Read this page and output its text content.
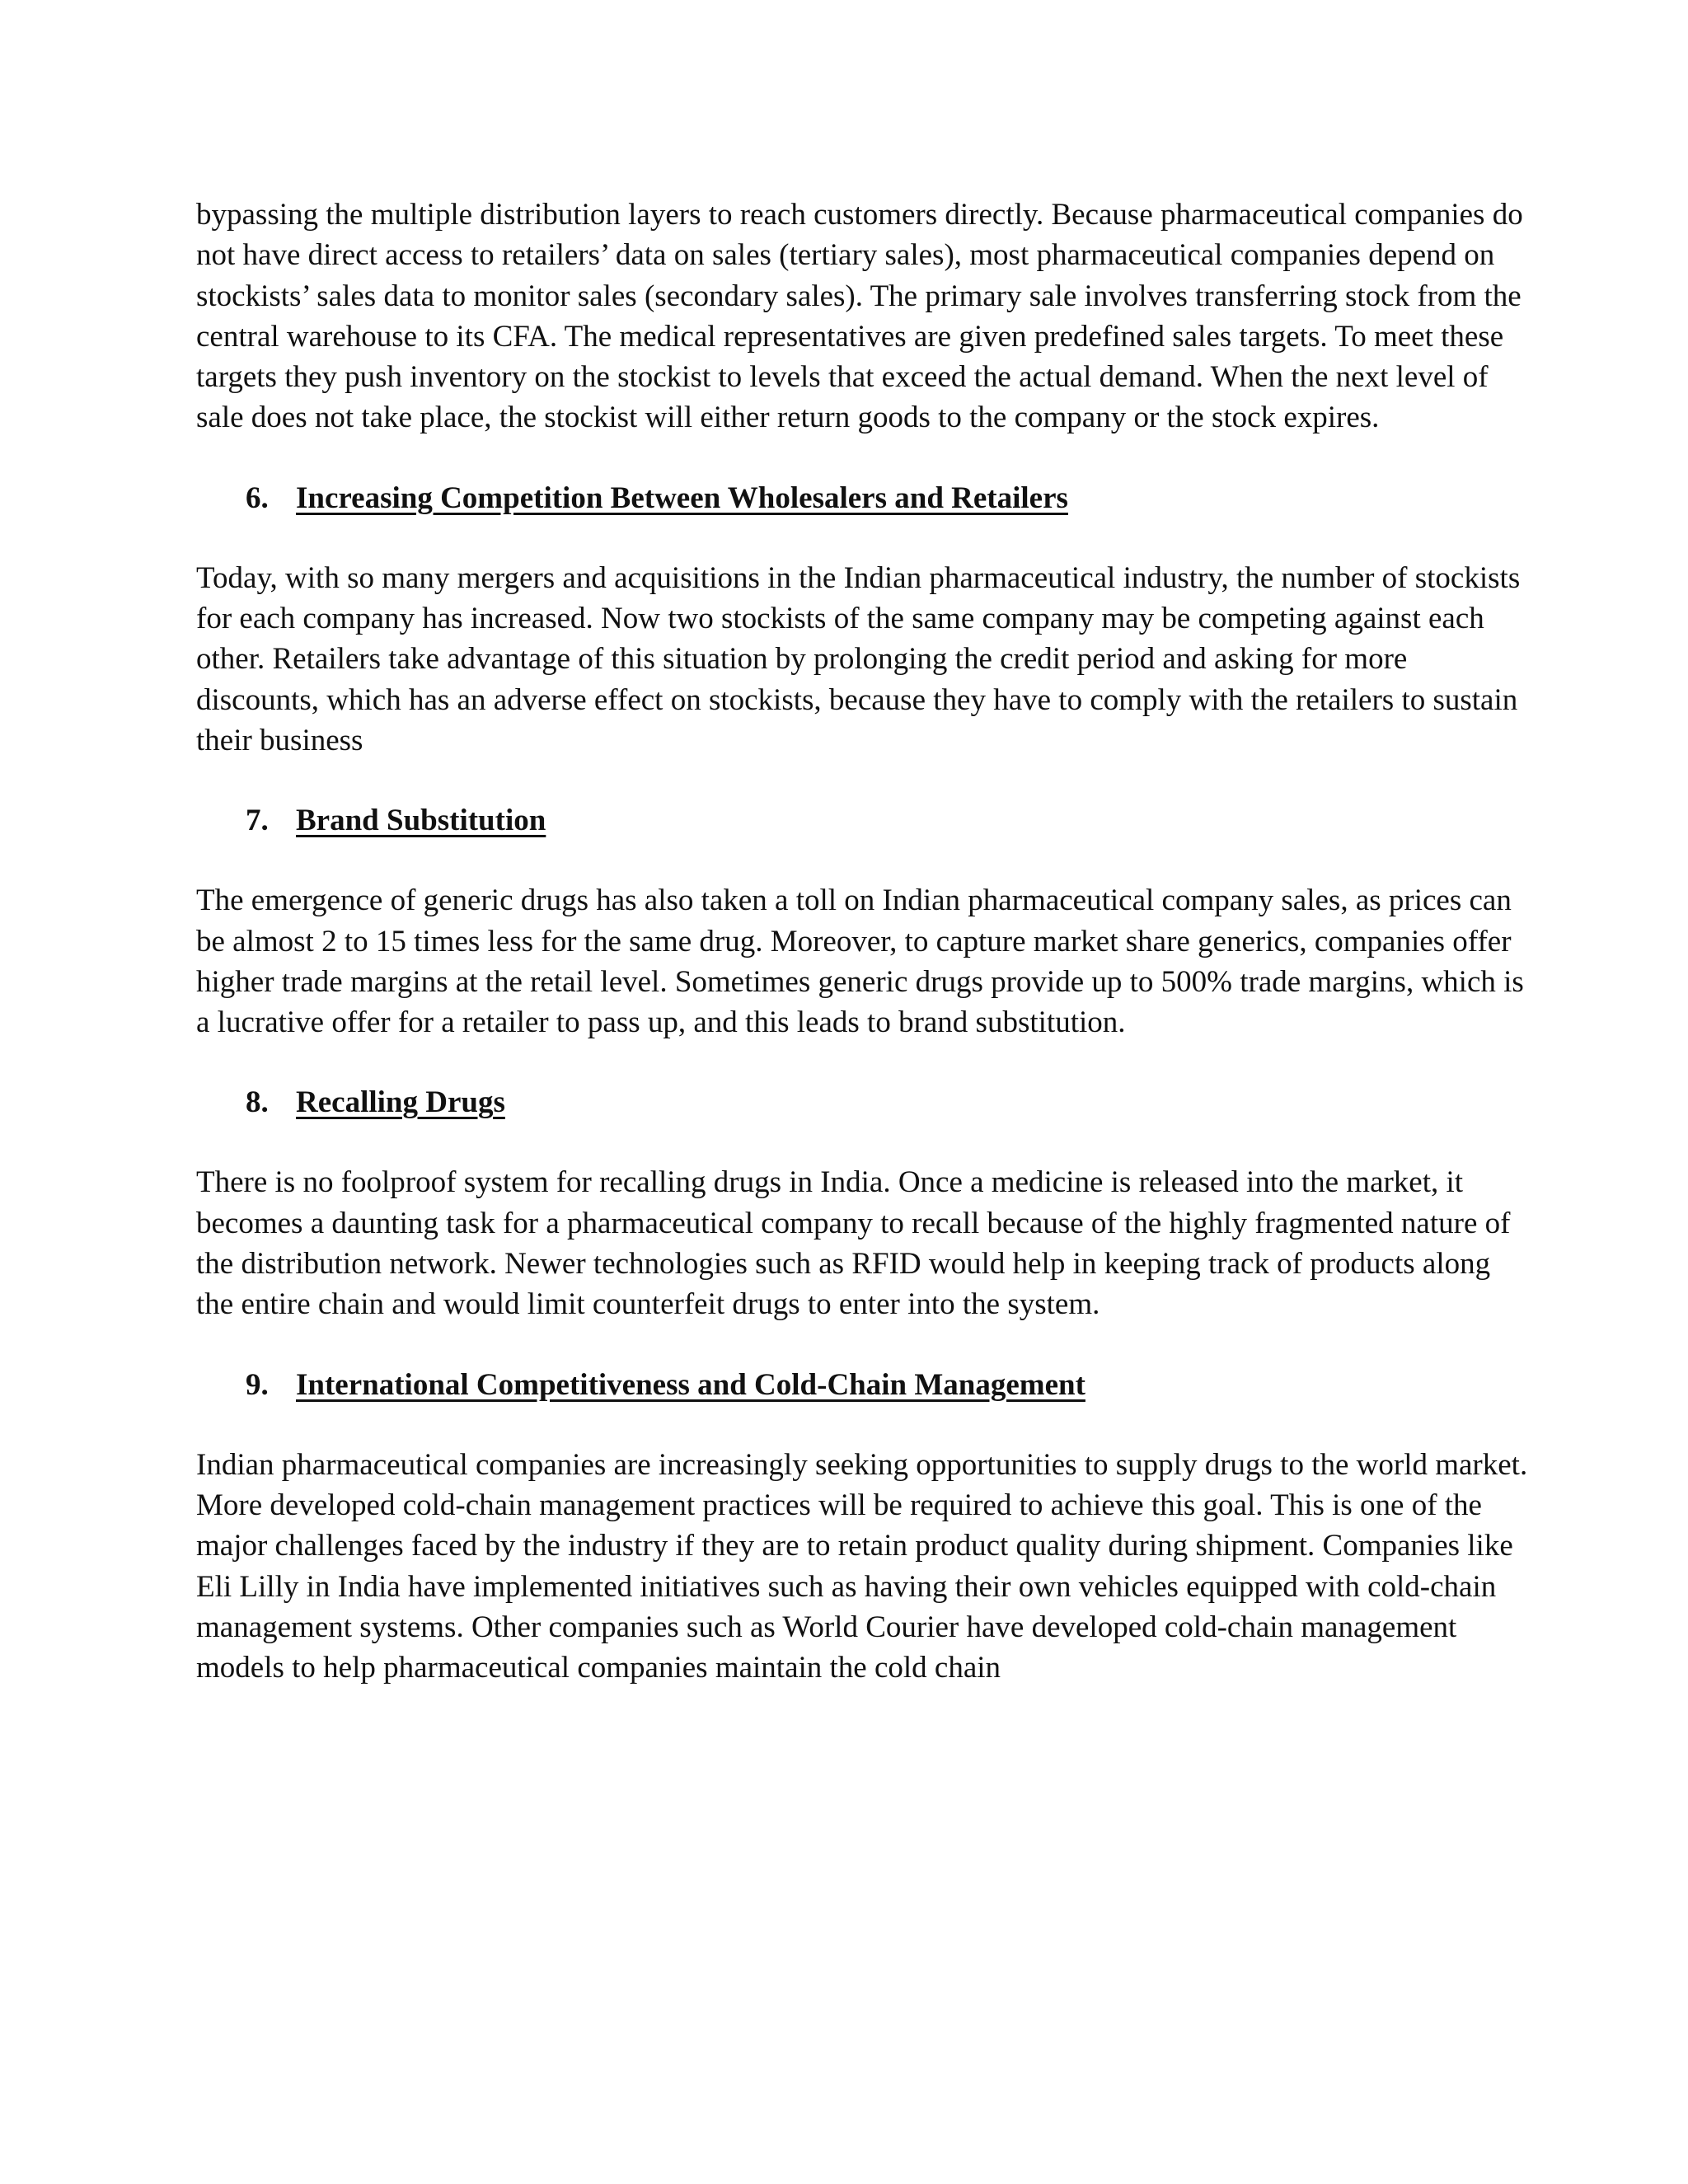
bypassing the multiple distribution layers to reach customers directly. Because pharmaceutical companies do not have direct access to retailers’ data on sales (tertiary sales), most pharmaceutical companies depend on stockists’ sales data to monitor sales (secondary sales). The primary sale involves transferring stock from the central warehouse to its CFA. The medical representatives are given predefined sales targets. To meet these targets they push inventory on the stockist to levels that exceed the actual demand. When the next level of sale does not take place, the stockist will either return goods to the company or the stock expires.

6. Increasing Competition Between Wholesalers and Retailers

Today, with so many mergers and acquisitions in the Indian pharmaceutical industry, the number of stockists for each company has increased. Now two stockists of the same company may be competing against each other. Retailers take advantage of this situation by prolonging the credit period and asking for more discounts, which has an adverse effect on stockists, because they have to comply with the retailers to sustain their business

7. Brand Substitution

The emergence of generic drugs has also taken a toll on Indian pharmaceutical company sales, as prices can be almost 2 to 15 times less for the same drug. Moreover, to capture market share generics, companies offer higher trade margins at the retail level. Sometimes generic drugs provide up to 500% trade margins, which is a lucrative offer for a retailer to pass up, and this leads to brand substitution.

8. Recalling Drugs

There is no foolproof system for recalling drugs in India. Once a medicine is released into the market, it becomes a daunting task for a pharmaceutical company to recall because of the highly fragmented nature of the distribution network. Newer technologies such as RFID would help in keeping track of products along the entire chain and would limit counterfeit drugs to enter into the system.

9. International Competitiveness and Cold-Chain Management

Indian pharmaceutical companies are increasingly seeking opportunities to supply drugs to the world market. More developed cold-chain management practices will be required to achieve this goal. This is one of the major challenges faced by the industry if they are to retain product quality during shipment. Companies like Eli Lilly in India have implemented initiatives such as having their own vehicles equipped with cold-chain management systems. Other companies such as World Courier have developed cold-chain management models to help pharmaceutical companies maintain the cold chain
